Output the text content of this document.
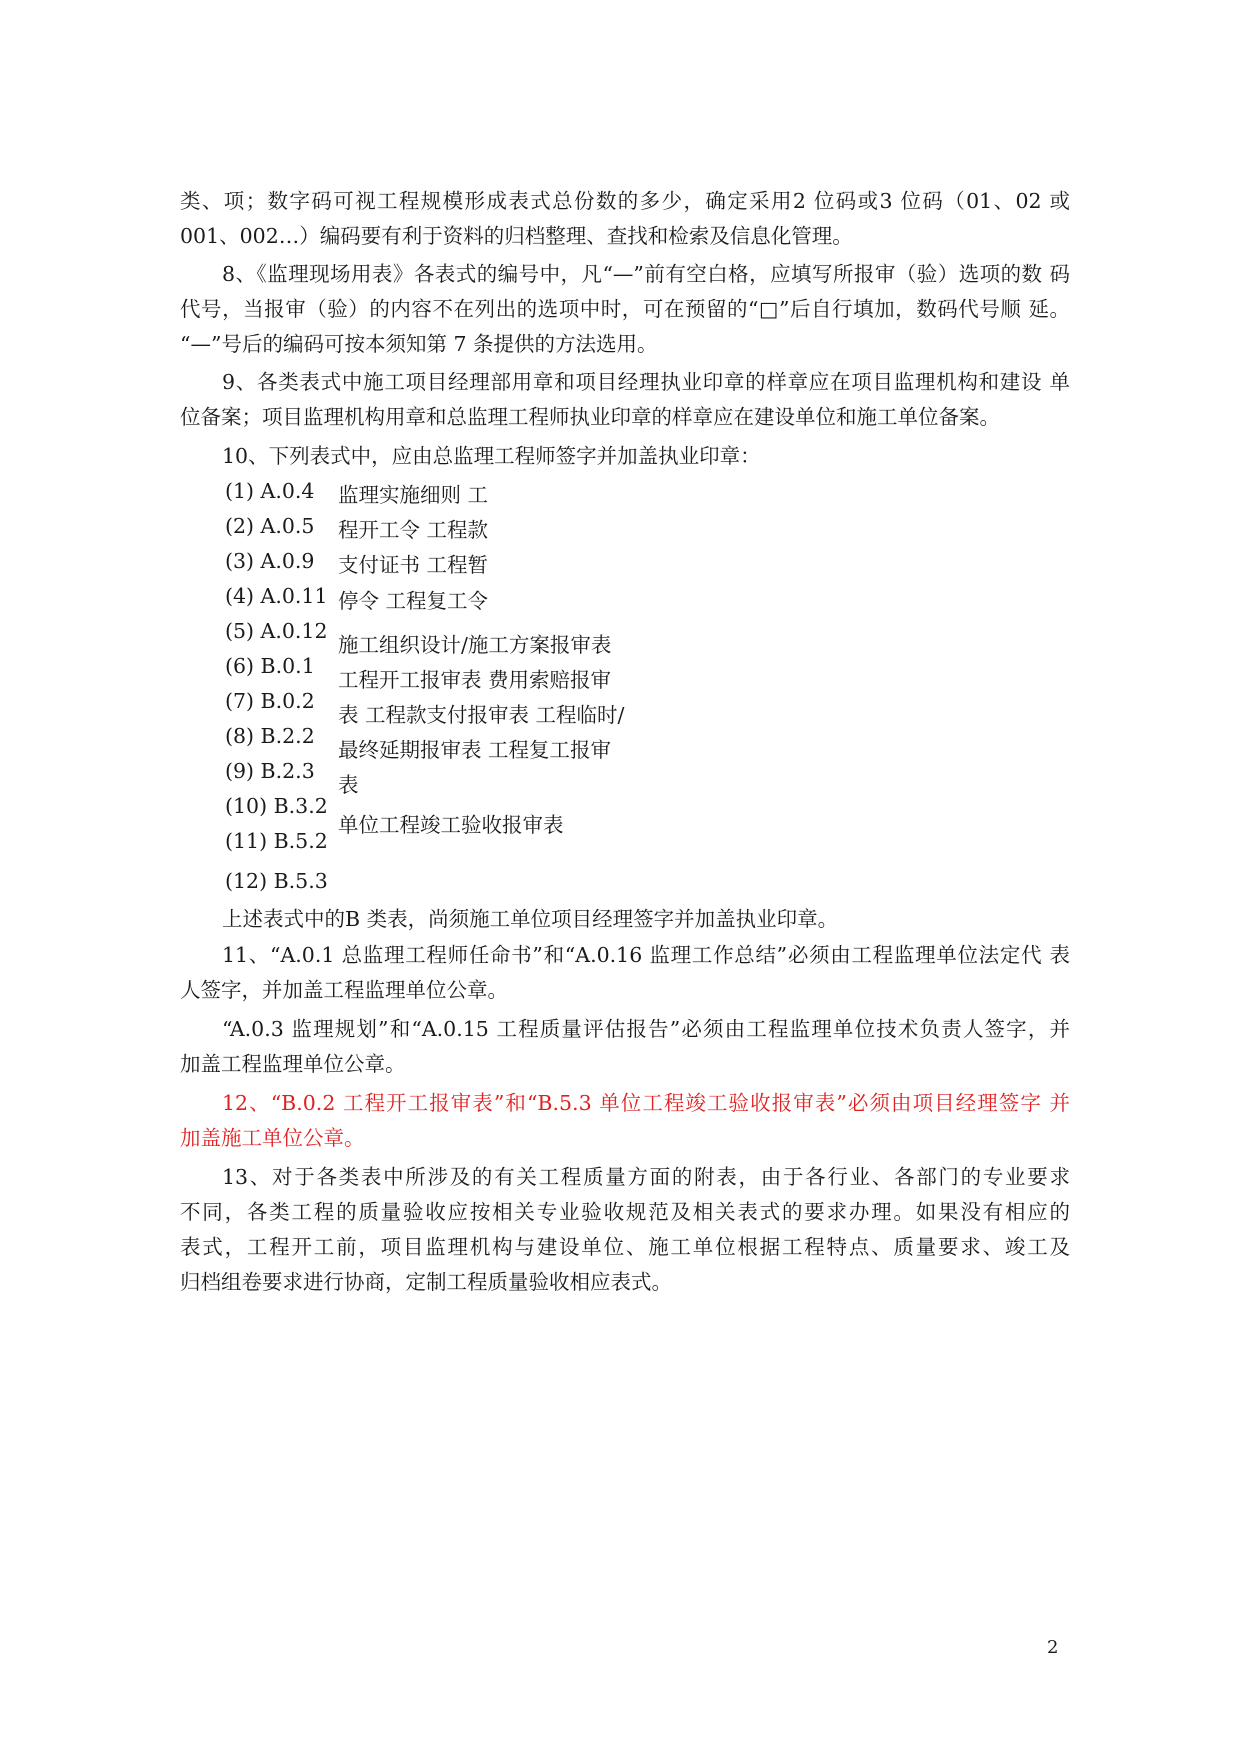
类、项；数字码可视工程规模形成表式总份数的多少，确定采用2 位码或3 位码（01、02 或
001、002…）编码要有利于资料的归档整理、查找和检索及信息化管理。
8、《监理现场用表》各表式的编号中，凡“—”前有空白格，应填写所报审（验）选项的数 码
代号，当报审（验）的内容不在列出的选项中时，可在预留的“□”后自行填加，数码代号顺 延。
“—”号后的编码可按本须知第 7 条提供的方法选用。
9、各类表式中施工项目经理部用章和项目经理执业印章的样章应在项目监理机构和建设 单
位备案；项目监理机构用章和总监理工程师执业印章的样章应在建设单位和施工单位备案。
10、下列表式中，应由总监理工程师签字并加盖执业印章：
(1) A.0.4
(2) A.0.5
(3) A.0.9
(4) A.0.11
(5) A.0.12
(6) B.0.1
(7) B.0.2
(8) B.2.2
(9) B.2.3
(10) B.3.2
(11) B.5.2
(12) B.5.3
监理实施细则 工
程开工令 工程款
支付证书 工程暂
停令 工程复工令
施工组织设计/施工方案报审表
工程开工报审表 费用索赔报审
表 工程款支付报审表 工程临时/
最终延期报审表 工程复工报审
表
单位工程竣工验收报审表
上述表式中的B 类表，尚须施工单位项目经理签字并加盖执业印章。
11、“A.0.1 总监理工程师任命书”和“A.0.16 监理工作总结”必须由工程监理单位法定代 表
人签字，并加盖工程监理单位公章。
“A.0.3 监理规划”和“A.0.15 工程质量评估报告”必须由工程监理单位技术负责人签字，并
加盖工程监理单位公章。
12、“B.0.2 工程开工报审表”和“B.5.3 单位工程竣工验收报审表”必须由项目经理签字 并
加盖施工单位公章。
13、对于各类表中所涉及的有关工程质量方面的附表，由于各行业、各部门的专业要求
不同，各类工程的质量验收应按相关专业验收规范及相关表式的要求办理。如果没有相应的
表式，工程开工前，项目监理机构与建设单位、施工单位根据工程特点、质量要求、竣工及
归档组卷要求进行协商，定制工程质量验收相应表式。
2
